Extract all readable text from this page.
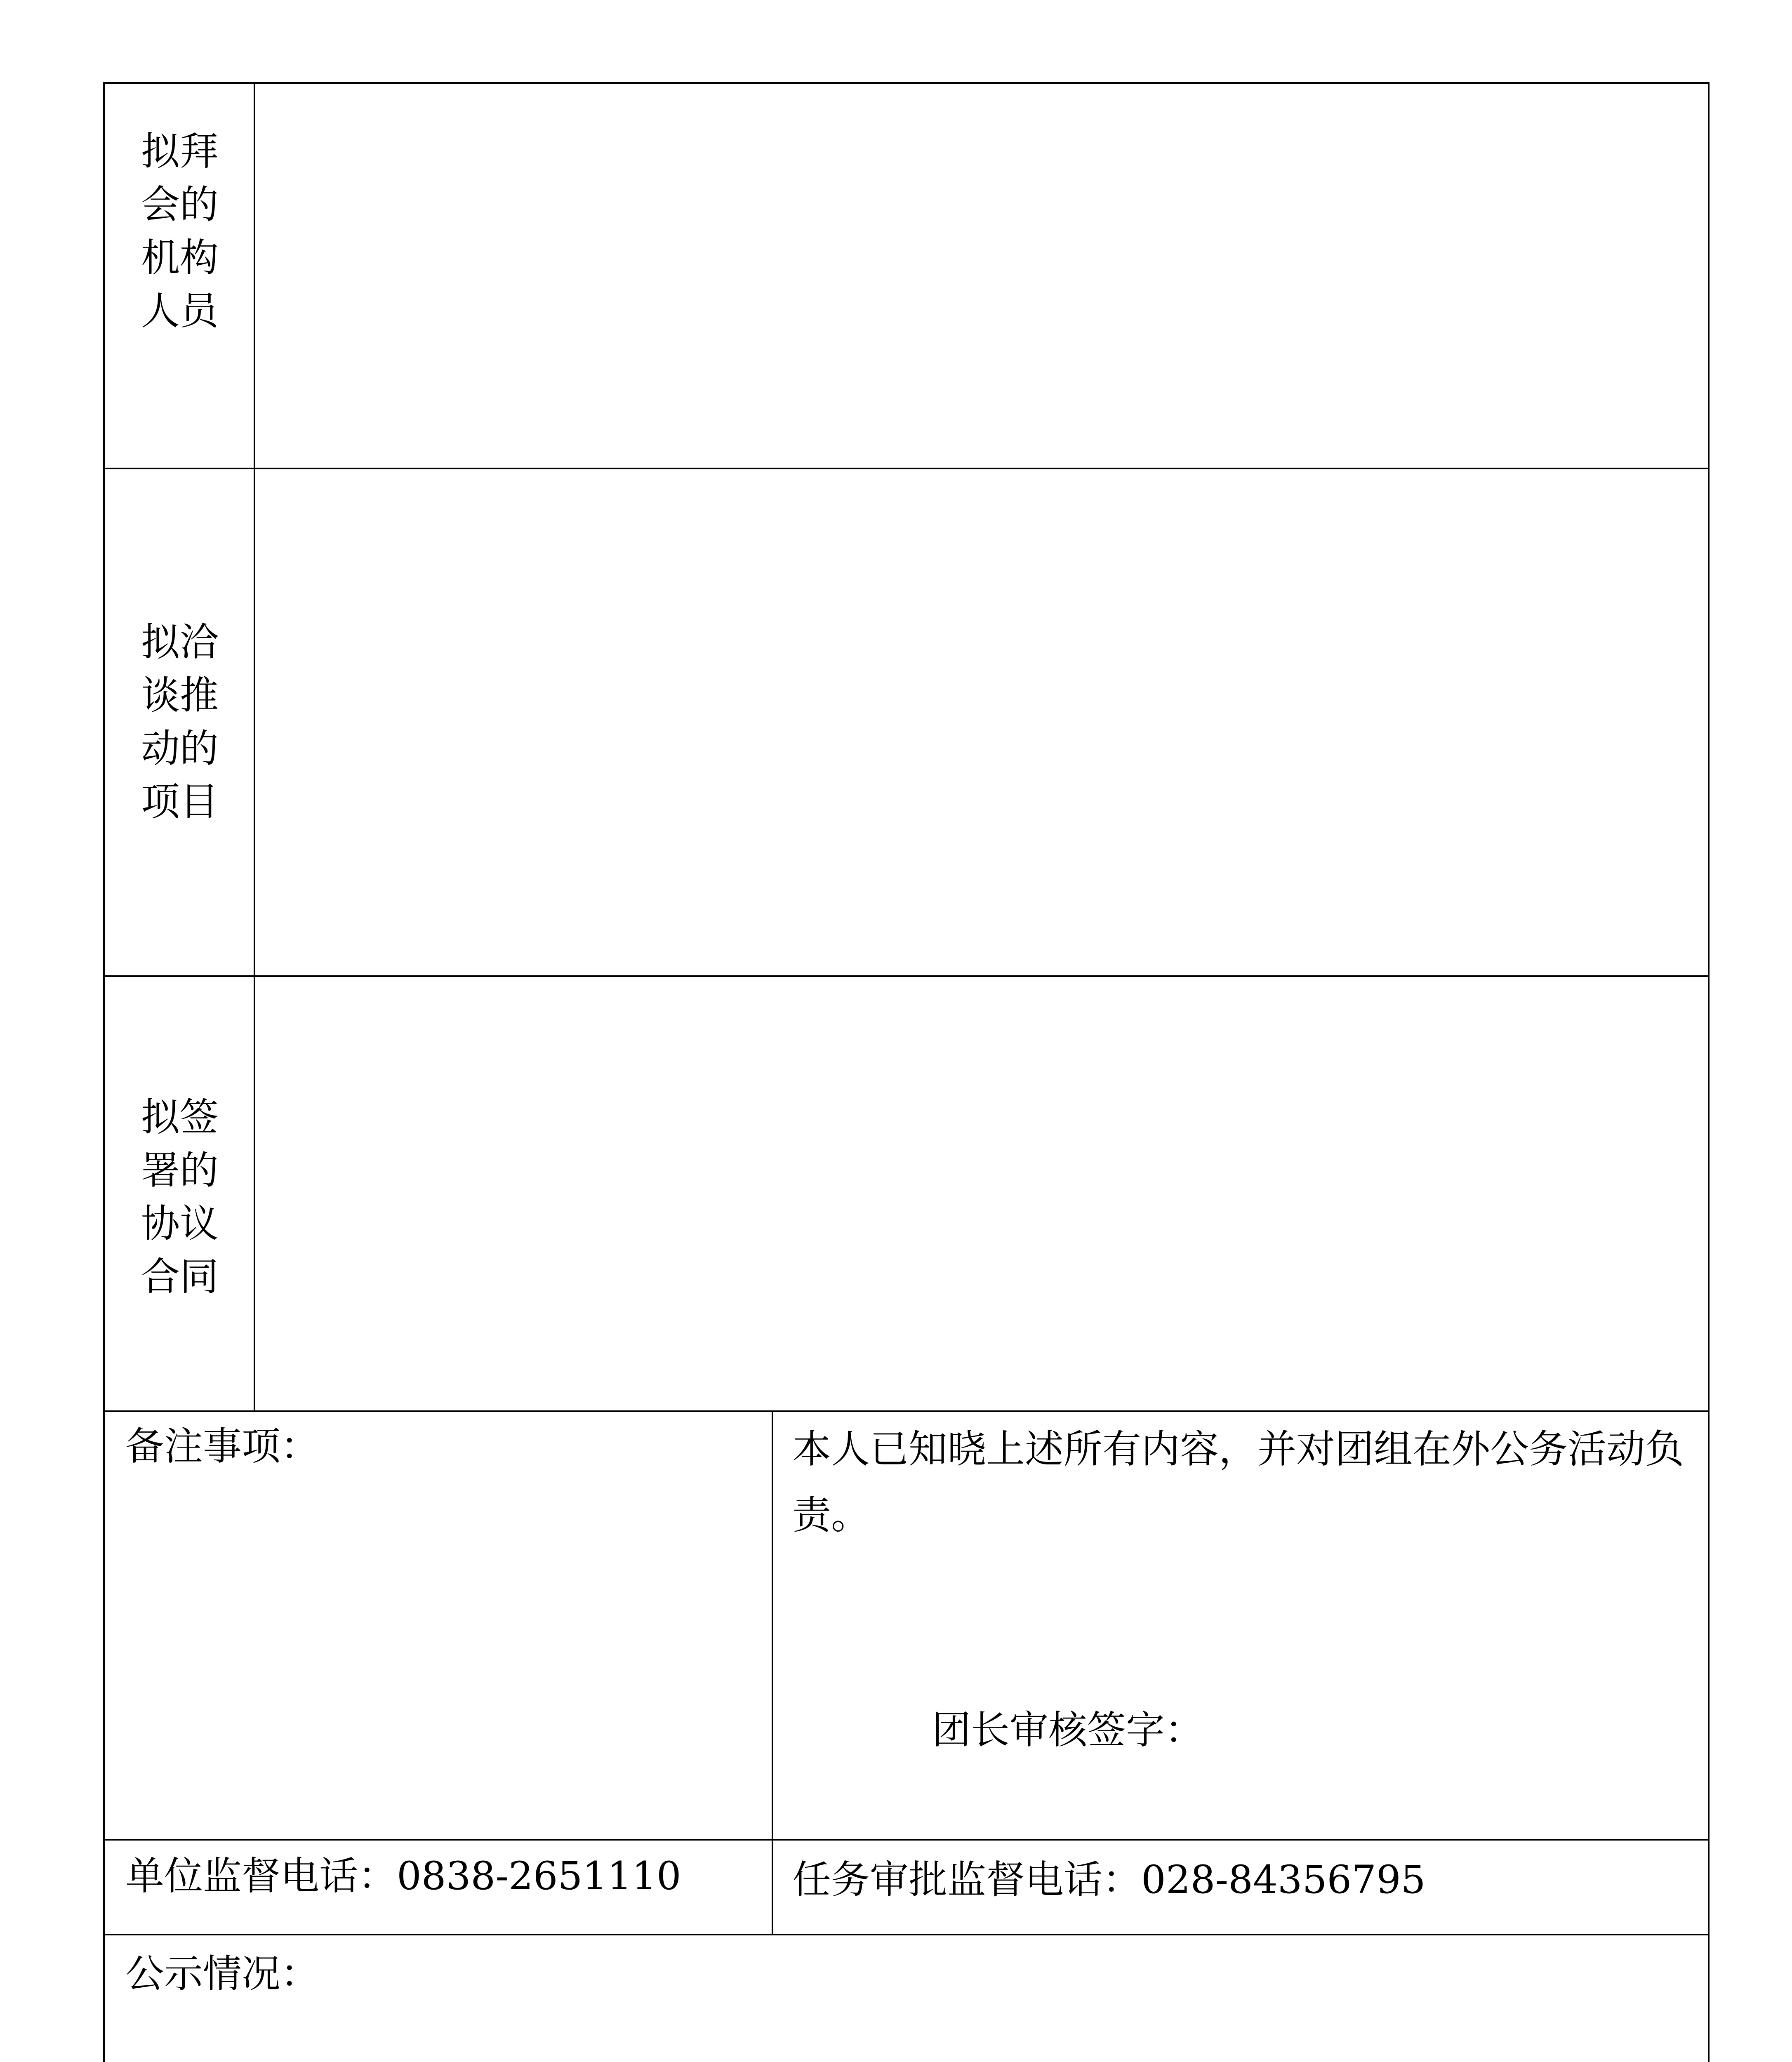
拟拜
会的
机构
人员
拟洽
谈推
动的
项目
拟签
署的
协议
合同
备注事项：	本人已知晓上述所有内容，并对团组在外公务活动负责。
团长审核签字：
单位监督电话：0838-2651110	任务审批监督电话：028-84356795
公示情况：
